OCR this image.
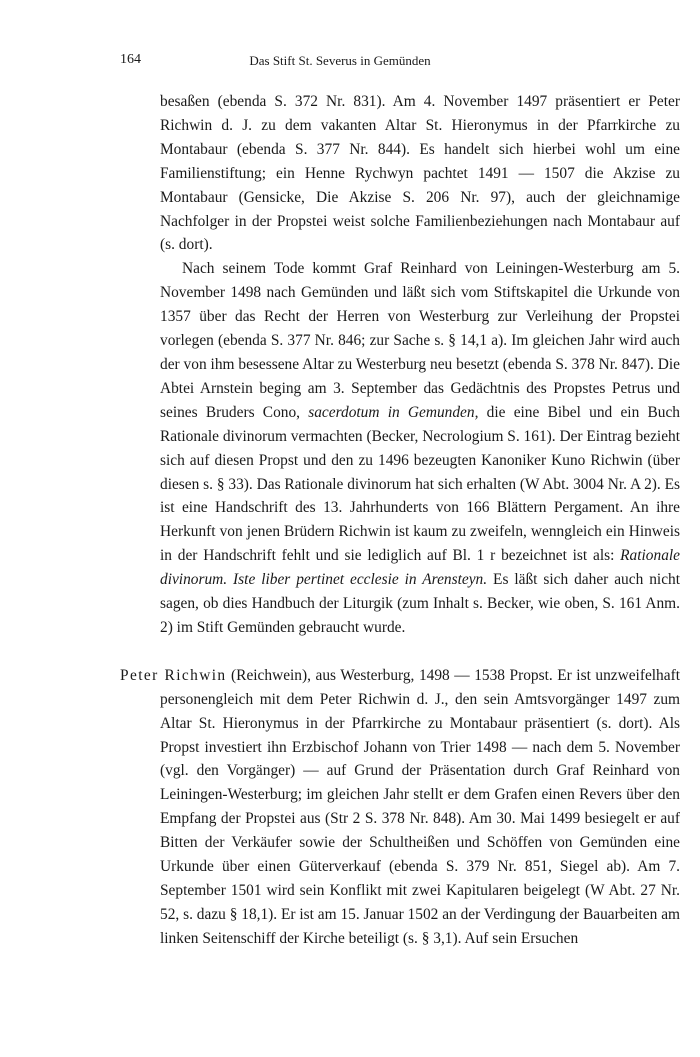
164	Das Stift St. Severus in Gemünden

besaßen (ebenda S. 372 Nr. 831). Am 4. November 1497 präsentiert er Peter Richwin d. J. zu dem vakanten Altar St. Hieronymus in der Pfarrkirche zu Montabaur (ebenda S. 377 Nr. 844). Es handelt sich hierbei wohl um eine Familienstiftung; ein Henne Rychwyn pachtet 1491 — 1507 die Akzise zu Montabaur (Gensicke, Die Akzise S. 206 Nr. 97), auch der gleichnamige Nachfolger in der Propstei weist solche Familienbeziehungen nach Montabaur auf (s. dort).

Nach seinem Tode kommt Graf Reinhard von Leiningen-Westerburg am 5. November 1498 nach Gemünden und läßt sich vom Stiftskapitel die Urkunde von 1357 über das Recht der Herren von Westerburg zur Verleihung der Propstei vorlegen (ebenda S. 377 Nr. 846; zur Sache s. § 14,1 a). Im gleichen Jahr wird auch der von ihm besessene Altar zu Westerburg neu besetzt (ebenda S. 378 Nr. 847). Die Abtei Arnstein beging am 3. September das Gedächtnis des Propstes Petrus und seines Bruders Cono, sacerdotum in Gemunden, die eine Bibel und ein Buch Rationale divinorum vermachten (Becker, Necrologium S. 161). Der Eintrag bezieht sich auf diesen Propst und den zu 1496 bezeugten Kanoniker Kuno Richwin (über diesen s. § 33). Das Rationale divinorum hat sich erhalten (W Abt. 3004 Nr. A 2). Es ist eine Handschrift des 13. Jahrhunderts von 166 Blättern Pergament. An ihre Herkunft von jenen Brüdern Richwin ist kaum zu zweifeln, wenngleich ein Hinweis in der Handschrift fehlt und sie lediglich auf Bl. 1 r bezeichnet ist als: Rationale divinorum. Iste liber pertinet ecclesie in Arensteyn. Es läßt sich daher auch nicht sagen, ob dies Handbuch der Liturgik (zum Inhalt s. Becker, wie oben, S. 161 Anm. 2) im Stift Gemünden gebraucht wurde.

Peter Richwin (Reichwein), aus Westerburg, 1498 — 1538 Propst. Er ist unzweifelhaft personengleich mit dem Peter Richwin d. J., den sein Amtsvorgänger 1497 zum Altar St. Hieronymus in der Pfarrkirche zu Montabaur präsentiert (s. dort). Als Propst investiert ihn Erzbischof Johann von Trier 1498 — nach dem 5. November (vgl. den Vorgänger) — auf Grund der Präsentation durch Graf Reinhard von Leiningen-Westerburg; im gleichen Jahr stellt er dem Grafen einen Revers über den Empfang der Propstei aus (Str 2 S. 378 Nr. 848). Am 30. Mai 1499 besiegelt er auf Bitten der Verkäufer sowie der Schultheißen und Schöffen von Gemünden eine Urkunde über einen Güterverkauf (ebenda S. 379 Nr. 851, Siegel ab). Am 7. September 1501 wird sein Konflikt mit zwei Kapitularen beigelegt (W Abt. 27 Nr. 52, s. dazu § 18,1). Er ist am 15. Januar 1502 an der Verdingung der Bauarbeiten am linken Seitenschiff der Kirche beteiligt (s. § 3,1). Auf sein Ersuchen
